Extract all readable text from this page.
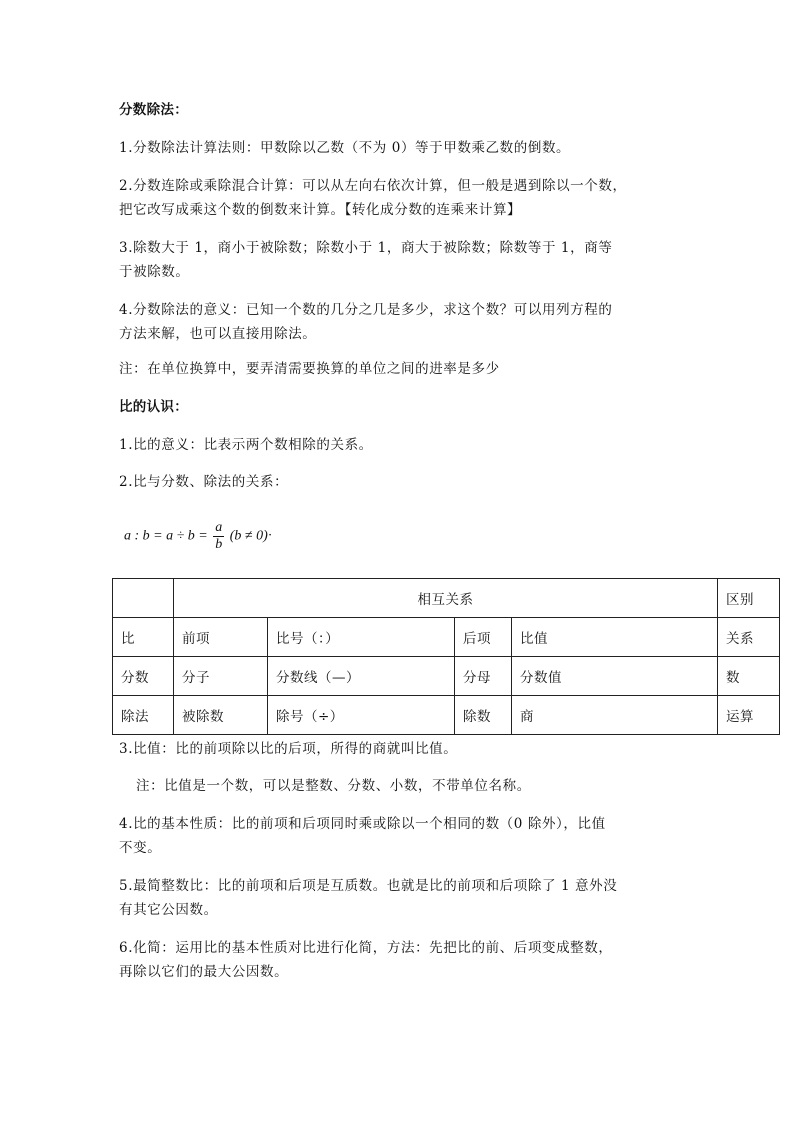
分数除法：
1.分数除法计算法则：甲数除以乙数（不为 0）等于甲数乘乙数的倒数。
2.分数连除或乘除混合计算：可以从左向右依次计算，但一般是遇到除以一个数，
把它改写成乘这个数的倒数来计算。【转化成分数的连乘来计算】
3.除数大于 1，商小于被除数；除数小于 1，商大于被除数；除数等于 1，商等
于被除数。
4.分数除法的意义：已知一个数的几分之几是多少，求这个数？可以用列方程的
方法来解，也可以直接用除法。
注：在单位换算中，要弄清需要换算的单位之间的进率是多少
比的认识：
1.比的意义：比表示两个数相除的关系。
2.比与分数、除法的关系：
a : $b = a \div b = \frac{a}{b} (b \ne 0)\cdot$
	相互关系				区别
比	前项	比号（：）	后项	比值	关系
分数	分子	分数线（—）	分母	分数值	数
除法	被除数	除号（÷）	除数	商	运算
3.比值：比的前项除以比的后项，所得的商就叫比值。
注：比值是一个数，可以是整数、分数、小数，不带单位名称。
4.比的基本性质：比的前项和后项同时乘或除以一个相同的数（0 除外），比值
不变。
5.最简整数比：比的前项和后项是互质数。也就是比的前项和后项除了 1 意外没
有其它公因数。
6.化简：运用比的基本性质对比进行化简，方法：先把比的前、后项变成整数，
再除以它们的最大公因数。
